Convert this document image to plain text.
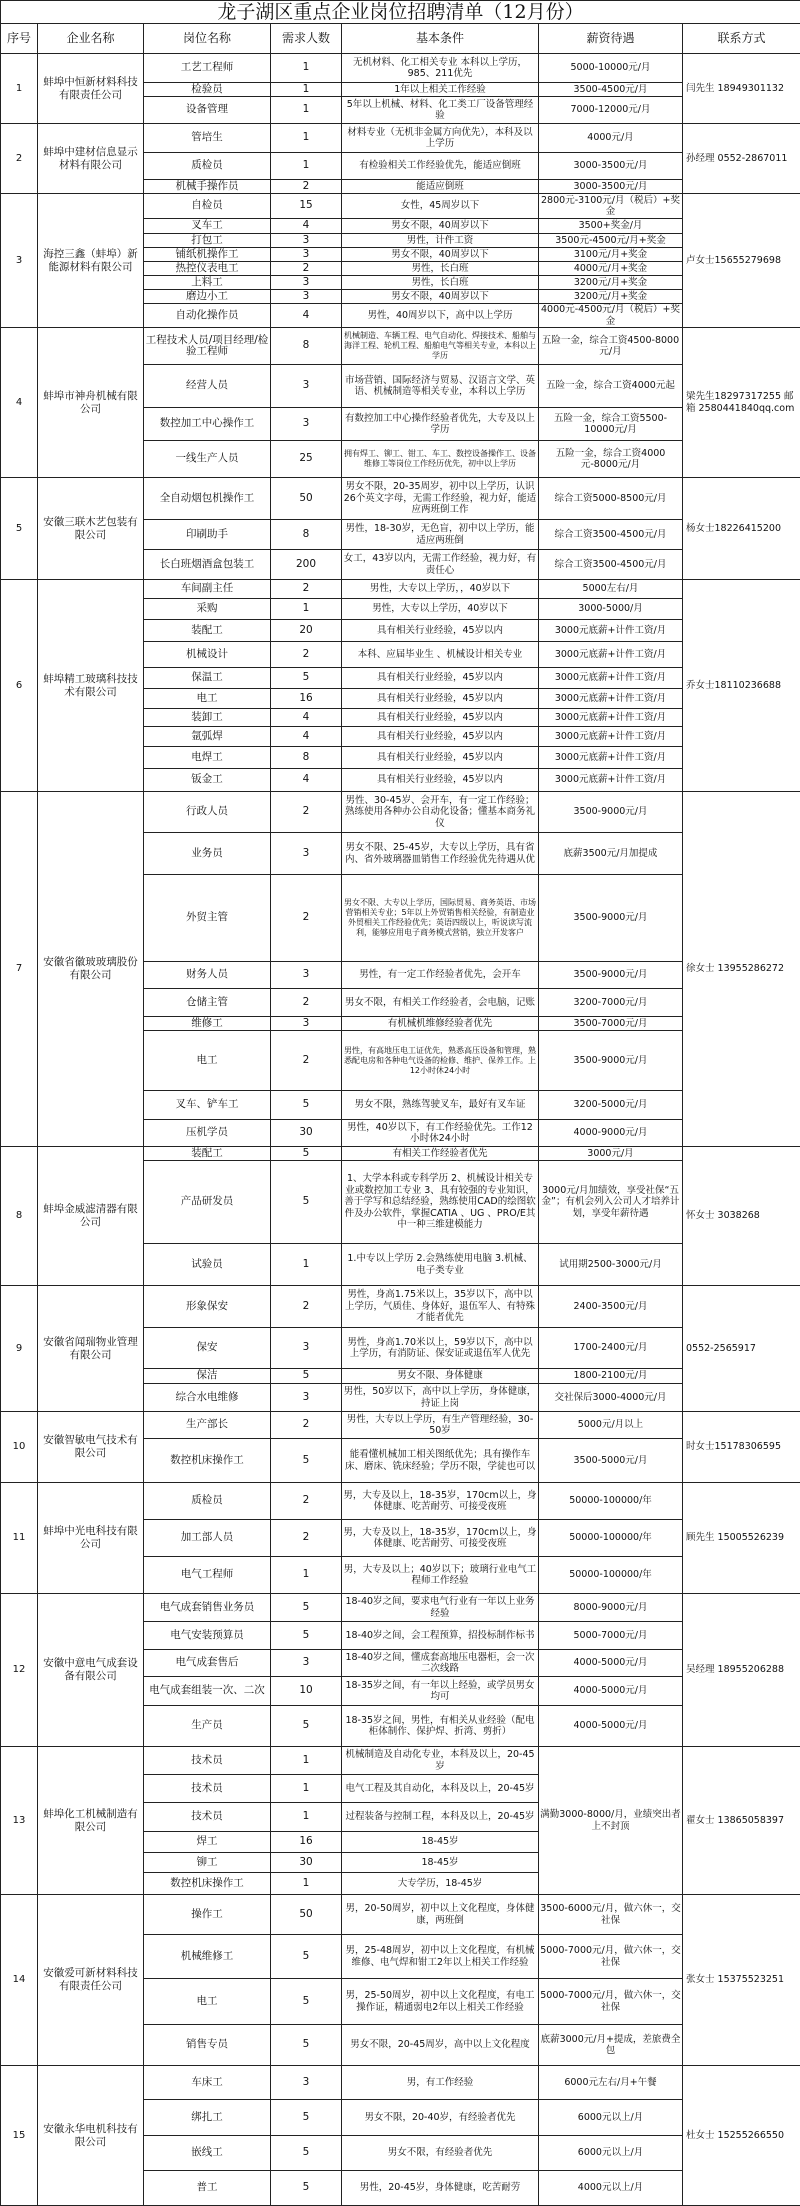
龙子湖区重点企业岗位招聘清单（12月份）						
序号	企业名称	岗位名称	需求人数	基本条件	薪资待遇	联系方式
1	蚌埠中恒新材料科技有限责任公司	工艺工程师	1	无机材料、化工相关专业 本科以上学历，985、211优先	5000-10000元/月	闫先生 18949301132
		检验员	1	1年以上相关工作经验	3500-4500元/月	
		设备管理	1	5年以上机械、材料、化工类工厂设备管理经验	7000-12000元/月	
2	蚌埠中建材信息显示材料有限公司	管培生	1	材料专业（无机非金属方向优先），本科及以上学历	4000元/月	孙经理 0552-2867011
		质检员	1	有检验相关工作经验优先，能适应倒班	3000-3500元/月	
		机械手操作员	2	能适应倒班	3000-3500元/月	
3	海控三鑫（蚌埠）新能源材料有限公司	自检员	15	女性，45周岁以下	2800元-3100元/月（税后）+奖金	卢女士15655279698
		叉车工	4	男女不限，40周岁以下	3500+奖金/月	
		打包工	3	男性，计件工资	3500元-4500元/月+奖金	
		铺纸机操作工	3	男女不限，40周岁以下	3100元/月+奖金	
		热控仪表电工	2	男性，长白班	4000元/月+奖金	
		上料工	3	男性，长白班	3200元/月+奖金	
		磨边小工	3	男女不限，40周岁以下	3200元/月+奖金	
		自动化操作员	4	男性，40周岁以下，高中以上学历	4000元-4500元/月（税后）+奖金	
4	蚌埠市神舟机械有限公司	工程技术人员/项目经理/检验工程师	8	机械制造、车辆工程、电气自动化、焊接技术、船舶与海洋工程、轮机工程、船舶电气等相关专业，本科以上学历	五险一金，综合工资4500-8000元/月	梁先生18297317255 邮箱 2580441840qq.com
		经营人员	3	市场营销、国际经济与贸易、汉语言文学、英语、机械制造等相关专业，本科以上学历	五险一金，综合工资4000元起	
		数控加工中心操作工	3	有数控加工中心操作经验者优先，大专及以上学历	五险一金，综合工资5500-10000元/月	
		一线生产人员	25	拥有焊工、铆工、钳工、车工、数控设备操作工、设备维修工等岗位工作经历优先，初中以上学历	五险一金，综合工资4000元-8000元/月	
5	安徽三联木艺包装有限公司	全自动烟包机操作工	50	男女不限，20-35周岁，初中以上学历，认识26个英文字母，无需工作经验，视力好，能适应两班倒工作	综合工资5000-8500元/月	杨女士18226415200
		印刷助手	8	男性，18-30岁，无色盲，初中以上学历，能适应两班倒	综合工资3500-4500元/月	
		长白班烟酒盒包装工	200	女工，43岁以内，无需工作经验，视力好，有责任心	综合工资3500-4500元/月	
6	蚌埠精工玻璃科技技术有限公司	车间副主任	2	男性，大专以上学历，，40岁以下	5000左右/月	乔女士18110236688
		采购	1	男性，大专以上学历，40岁以下	3000-5000/月	
		装配工	20	具有相关行业经验，45岁以内	3000元底薪+计件工资/月	
		机械设计	2	本科、应届毕业生 、机械设计相关专业	3000元底薪+计件工资/月	
		保温工	5	具有相关行业经验，45岁以内	3000元底薪+计件工资/月	
		电工	16	具有相关行业经验，45岁以内	3000元底薪+计件工资/月	
		装卸工	4	具有相关行业经验，45岁以内	3000元底薪+计件工资/月	
		氩弧焊	4	具有相关行业经验，45岁以内	3000元底薪+计件工资/月	
		电焊工	8	具有相关行业经验，45岁以内	3000元底薪+计件工资/月	
		钣金工	4	具有相关行业经验，45岁以内	3000元底薪+计件工资/月	
7	安徽省徽玻玻璃股份有限公司	行政人员	2	男性、30-45岁、会开车，有一定工作经验；熟练使用各种办公自动化设备；懂基本商务礼仪	3500-9000元/月	徐女士 13955286272
		业务员	3	男女不限、25-45岁，大专以上学历，具有省内、省外玻璃器皿销售工作经验优先待遇从优	底薪3500元/月加提成	
		外贸主管	2	男女不限、大专以上学历，国际贸易、商务英语、市场营销相关专业；5年以上外贸销售相关经验，有制造业外贸相关工作经验优先；英语四级以上，听说读写流利，能够应用电子商务模式营销，独立开发客户	3500-9000元/月	
		财务人员	3	男性，有一定工作经验者优先，会开车	3500-9000元/月	
		仓储主管	2	男女不限，有相关工作经验者，会电脑，记账	3200-7000元/月	
		维修工	3	有机械机维修经验者优先	3500-7000元/月	
		电工	2	男性，有高地压电工证优先，熟悉高压设备和管理，熟悉配电房和各种电气设备的检修、维护、保养工作。上12小时休24小时	3500-9000元/月	
		叉车、铲车工	5	男女不限，熟练驾驶叉车，最好有叉车证	3200-5000元/月	
		压机学员	30	男性，40岁以下，有工作经验优先。工作12小时休24小时	4000-9000元/月	
8	蚌埠金威滤清器有限公司	装配工	5	有相关工作经验者优先	3000元/月	怀女士 3038268
		产品研发员	5	1、大学本科或专科学历 2、机械设计相关专业或数控加工专业 3、具有较强的专业知识，善于学写和总结经验，熟练使用CAD的绘图软件及办公软件，掌握CATIA 、UG 、PRO/E其中一种三维建模能力	3000元/月加绩效，享受社保“五金”；有机会列入公司人才培养计划，享受年薪待遇	
		试验员	1	1.中专以上学历 2.会熟练使用电脑 3.机械、电子类专业	试用期2500-3000元/月	
9	安徽省闻瑞物业管理有限公司	形象保安	2	男性，身高1.75米以上，35岁以下，高中以上学历，气质佳、身体好，退伍军人、有特殊才能者优先	2400-3500元/月	0552-2565917
		保安	3	男性，身高1.70米以上，59岁以下，高中以上学历，有消防证、保安证或退伍军人优先	1700-2400元/月	
		保洁	5	男女不限、身体健康	1800-2100元/月	
		综合水电维修	3	男性，50岁以下，高中以上学历，身体健康，持证上岗	交社保后3000-4000元/月	
10	安徽智敏电气技术有限公司	生产部长	2	男性，大专以上学历，有生产管理经验，30-50岁	5000元/月以上	时女士15178306595
		数控机床操作工	5	能看懂机械加工相关图纸优先；具有操作车床、磨床、铣床经验；学历不限，学徒也可以	3500-5000元/月	
11	蚌埠中光电科技有限公司	质检员	2	男，大专及以上，18-35岁，170cm以上，身体健康、吃苦耐劳、可接受夜班	50000-100000/年	顾先生 15005526239
		加工部人员	2	男，大专及以上，18-35岁，170cm以上，身体健康、吃苦耐劳、可接受夜班	50000-100000/年	
		电气工程师	1	男，大专及以上；40岁以下；玻璃行业电气工程师工作经验	50000-100000/年	
12	安徽中意电气成套设备有限公司	电气成套销售业务员	5	18-40岁之间，要求电气行业有一年以上业务经验	8000-9000元/月	吴经理 18955206288
		电气安装预算员	5	18-40岁之间，会工程预算，招投标制作标书	5000-7000元/月	
		电气成套售后	3	18-40岁之间，懂成套高地压电器柜，会一次二次线路	4000-5000元/月	
		电气成套组装一次、二次	10	18-35岁之间，有一年以上经验，或学员男女均可	4000-5000元/月	
		生产员	5	18-35岁之间，男性，有相关从业经验（配电柜体制作、保护焊、折湾、剪折）	4000-5000元/月	
13	蚌埠化工机械制造有限公司	技术员	1	机械制造及自动化专业，本科及以上，20-45岁	满勤3000-8000/月，业绩突出者上不封顶	翟女士 13865058397
		技术员	1	电气工程及其自动化，本科及以上，20-45岁		
		技术员	1	过程装备与控制工程，本科及以上，20-45岁		
		焊工	16	18-45岁		
		铆工	30	18-45岁		
		数控机床操作工	1	大专学历，18-45岁		
14	安徽爱可新材料科技有限责任公司	操作工	50	男，20-50周岁，初中以上文化程度，身体健康，两班倒	3500-6000元/月，做六休一，交社保	张女士 15375523251
		机械维修工	5	男，25-48周岁，初中以上文化程度，有机械维修、电气焊和钳工2年以上相关工作经验	5000-7000元/月，做六休一，交社保	
		电工	5	男，25-50周岁，初中以上文化程度，有电工操作证，精通弱电2年以上相关工作经验	5000-7000元/月，做六休一，交社保	
		销售专员	5	男女不限，20-45周岁，高中以上文化程度	底薪3000元/月+提成，差旅费全包	
15	安徽永华电机科技有限公司	车床工	3	男，有工作经验	6000元左右/月+午餐	杜女士 15255266550
		绑扎工	5	男女不限，20-40岁，有经验者优先	6000元以上/月	
		嵌线工	5	男女不限，有经验者优先	6000元以上/月	
		普工	5	男性，20-45岁，身体健康，吃苦耐劳	4000元以上/月	
